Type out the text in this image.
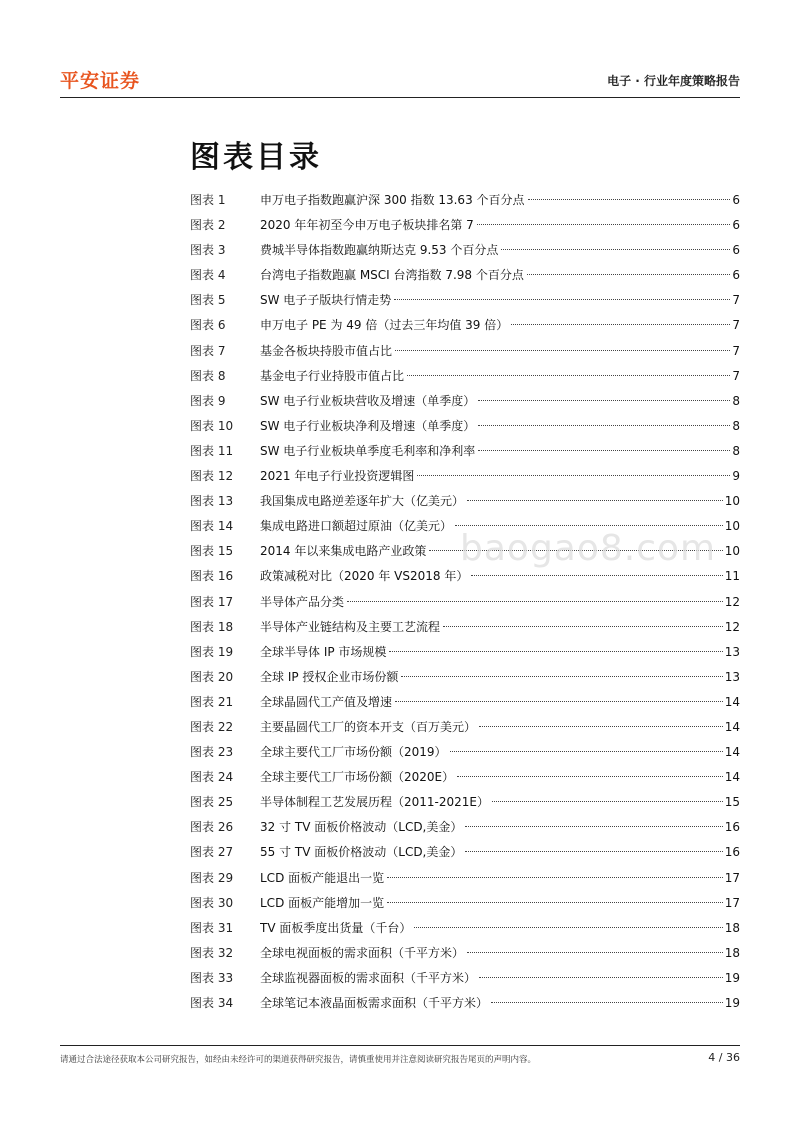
平安证券	电子 · 行业年度策略报告
图表目录
图表 1	申万电子指数跑赢沪深 300 指数 13.63 个百分点	6
图表 2	2020 年年初至今申万电子板块排名第 7	6
图表 3	费城半导体指数跑赢纳斯达克 9.53 个百分点	6
图表 4	台湾电子指数跑赢 MSCI 台湾指数 7.98 个百分点	6
图表 5	SW 电子子版块行情走势	7
图表 6	申万电子 PE 为 49 倍（过去三年均值 39 倍）	7
图表 7	基金各板块持股市值占比	7
图表 8	基金电子行业持股市值占比	7
图表 9	SW 电子行业板块营收及增速（单季度）	8
图表 10 SW 电子行业板块净利及增速（单季度）	8
图表 11 SW 电子行业板块单季度毛利率和净利率	8
图表 12 2021 年电子行业投资逻辑图	9
图表 13 我国集成电路逆差逐年扩大（亿美元）	10
图表 14 集成电路进口额超过原油（亿美元）	10
图表 15 2014 年以来集成电路产业政策	10
图表 16 政策减税对比（2020 年 VS2018 年）	11
图表 17 半导体产品分类	12
图表 18 半导体产业链结构及主要工艺流程	12
图表 19 全球半导体 IP 市场规模	13
图表 20 全球 IP 授权企业市场份额	13
图表 21 全球晶圆代工产值及增速	14
图表 22 主要晶圆代工厂的资本开支（百万美元）	14
图表 23 全球主要代工厂市场份额（2019）	14
图表 24 全球主要代工厂市场份额（2020E）	14
图表 25 半导体制程工艺发展历程（2011-2021E）	15
图表 26 32 寸 TV 面板价格波动（LCD,美金）	16
图表 27 55 寸 TV 面板价格波动（LCD,美金）	16
图表 29 LCD 面板产能退出一览	17
图表 30 LCD 面板产能增加一览	17
图表 31 TV 面板季度出货量（千台）	18
图表 32 全球电视面板的需求面积（千平方米）	18
图表 33 全球监视器面板的需求面积（千平方米）	19
图表 34 全球笔记本液晶面板需求面积（千平方米）	19
baogao8.com
请通过合法途径获取本公司研究报告，如经由未经许可的渠道获得研究报告，请慎重使用并注意阅读研究报告尾页的声明内容。	4 / 36
